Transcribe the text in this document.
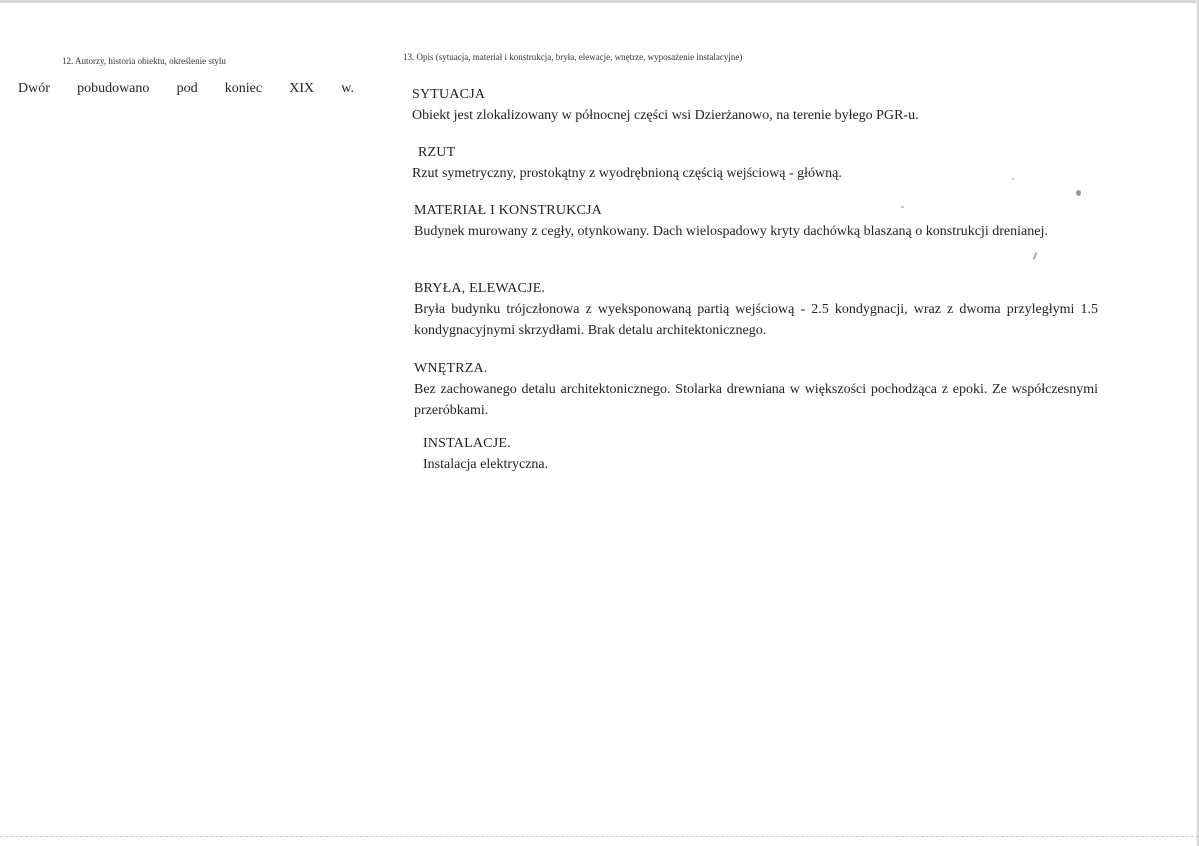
12. Autorzy, historia obiektu, określenie stylu
Dwór pobudowano pod koniec XIX w.
13. Opis (sytuacja, materiał i konstrukcja, bryła, elewacje, wnętrze, wyposażenie instalacyjne)
SYTUACJA
Obiekt jest zlokalizowany w północnej części wsi Dzierżanowo, na terenie byłego PGR-u.
RZUT
Rzut symetryczny, prostokątny z wyodrębnioną częścią wejściową - główną.
MATERIAŁ I KONSTRUKCJA
Budynek murowany z cegły, otynkowany. Dach wielospadowy kryty dachówką blaszaną o konstrukcji drenianej.
BRYŁA, ELEWACJE.
Bryła budynku trójczłonowa z wyeksponowaną partią wejściową - 2.5 kondygnacji, wraz z dwoma przyległymi 1.5 kondygnacyjnymi skrzydłami. Brak detalu architektonicznego.
WNĘTRZA.
Bez zachowanego detalu architektonicznego. Stolarka drewniana w większości pochodząca z epoki. Ze współczesnymi przeróbkami.
INSTALACJE.
Instalacja elektryczna.
